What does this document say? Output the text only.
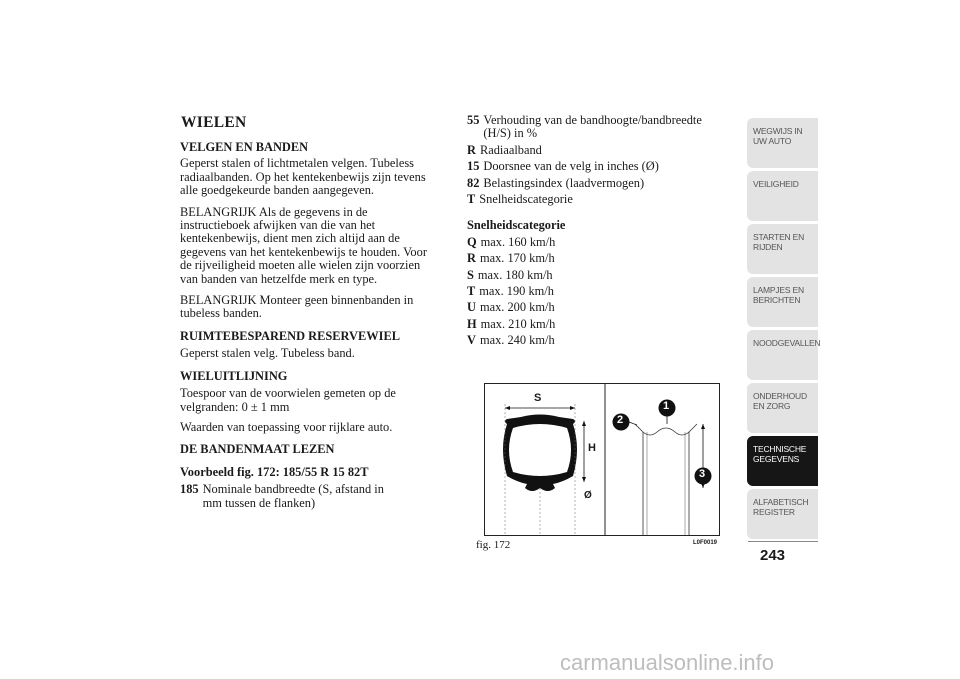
WIELEN

VELGEN EN BANDEN

Geperst stalen of lichtmetalen velgen. Tubeless radiaalbanden. Op het kentekenbewijs zijn tevens alle goedgekeurde banden aangegeven.

BELANGRIJK Als de gegevens in de instructieboek afwijken van die van het kentekenbewijs, dient men zich altijd aan de gegevens van het kentekenbewijs te houden. Voor de rijveiligheid moeten alle wielen zijn voorzien van banden van hetzelfde merk en type.

BELANGRIJK Monteer geen binnenbanden in tubeless banden.

RUIMTEBESPAREND RESERVEWIEL

Geperst stalen velg. Tubeless band.

WIELUITLIJNING

Toespoor van de voorwielen gemeten op de velgranden: 0 ± 1 mm

Waarden van toepassing voor rijklare auto.

DE BANDENMAAT LEZEN

Voorbeeld fig. 172: 185/55 R 15 82T

185 Nominale bandbreedte (S, afstand in mm tussen de flanken)
55 Verhouding van de bandhoogte/bandbreedte (H/S) in %
R Radiaalband
15 Doorsnee van de velg in inches (Ø)
82 Belastingsindex (laadvermogen)
T Snelheidscategorie

Snelheidscategorie

Q max. 160 km/h
R max. 170 km/h
S max. 180 km/h
T max. 190 km/h
U max. 200 km/h
H max. 210 km/h
V max. 240 km/h
S
H
Ø
1
2
3
fig. 172	L0F0019
WEGWIJS IN UW AUTO
VEILIGHEID
STARTEN EN RIJDEN
LAMPJES EN BERICHTEN
NOODGEVALLEN
ONDERHOUD EN ZORG
TECHNISCHE GEGEVENS
ALFABETISCH REGISTER
243
carmanualsonline.info
